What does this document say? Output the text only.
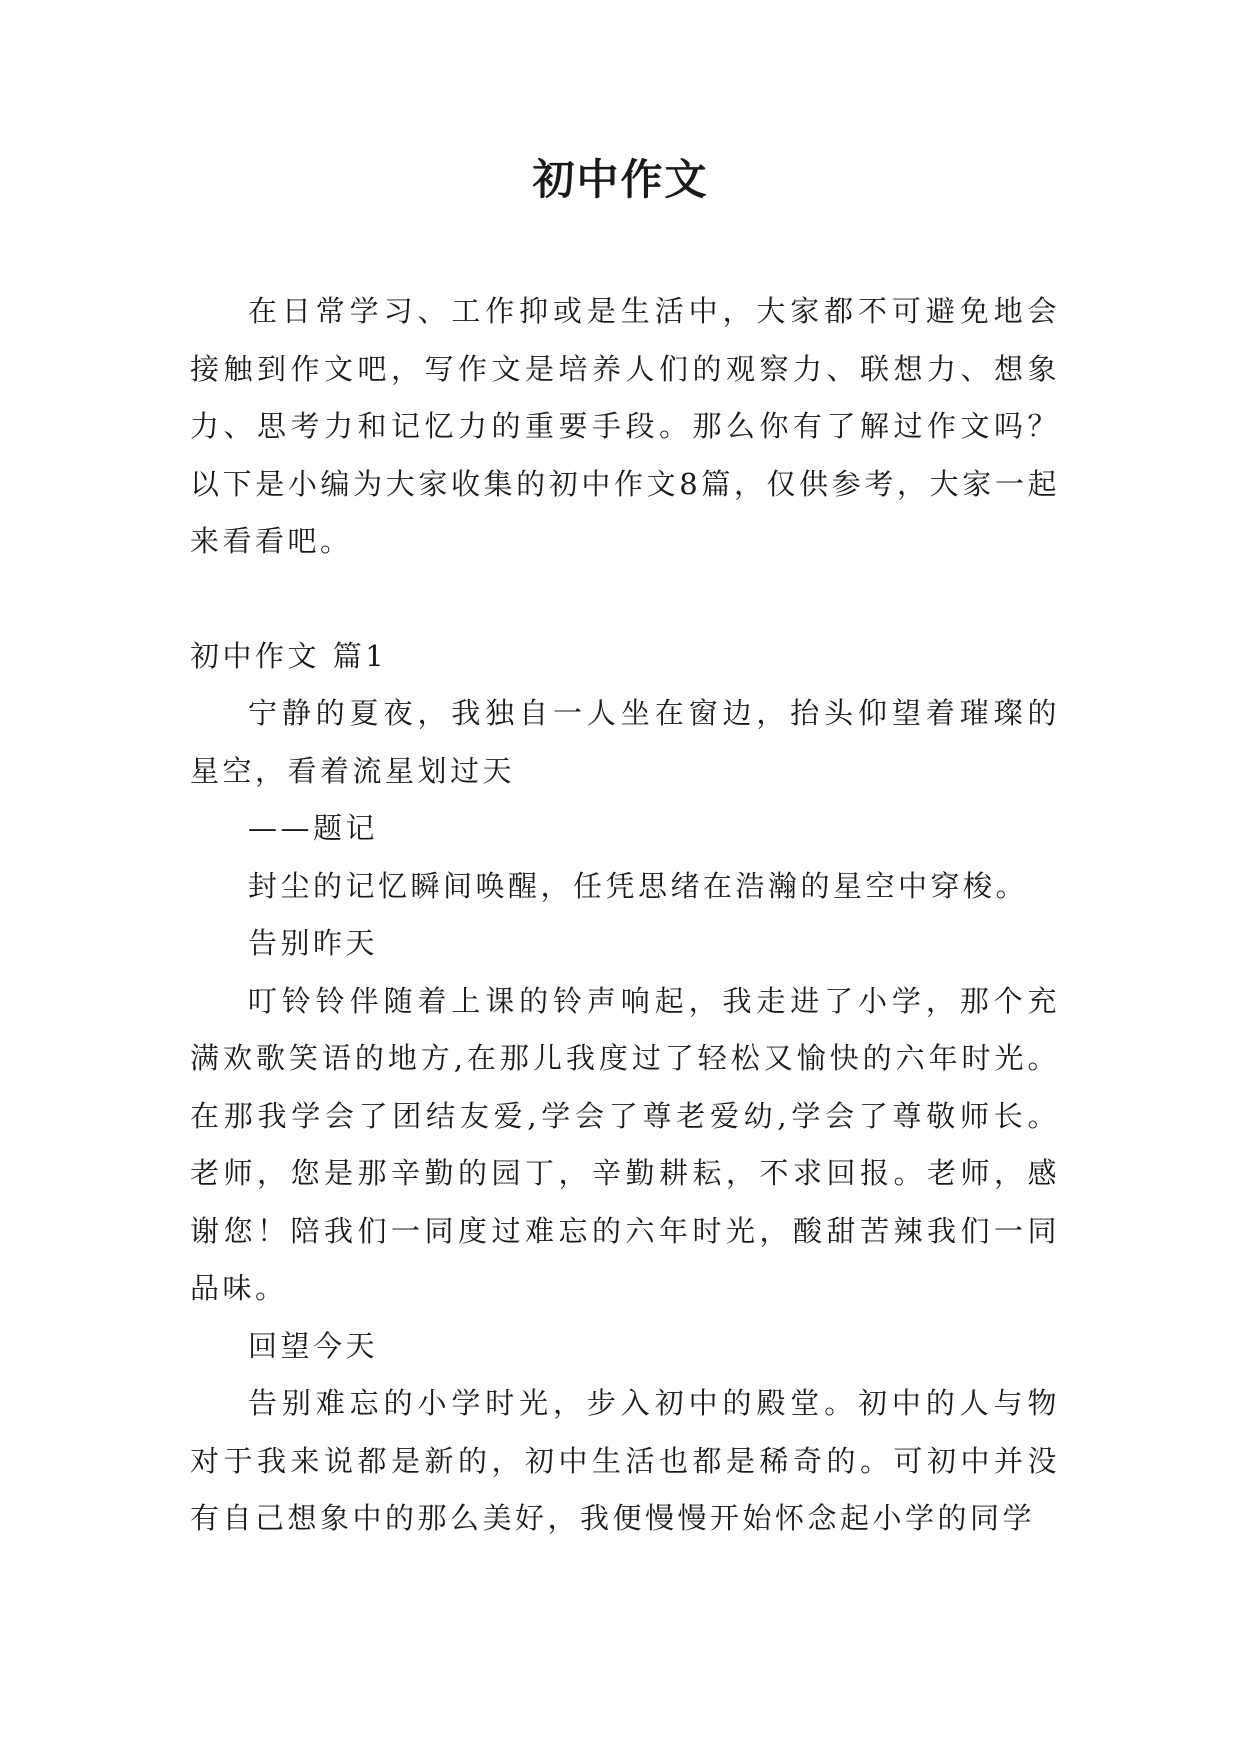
初中作文

在日常学习、工作抑或是生活中，大家都不可避免地会接触到作文吧，写作文是培养人们的观察力、联想力、想象力、思考力和记忆力的重要手段。那么你有了解过作文吗？以下是小编为大家收集的初中作文8篇，仅供参考，大家一起来看看吧。

初中作文 篇1

宁静的夏夜，我独自一人坐在窗边，抬头仰望着璀璨的星空，看着流星划过天

——题记

封尘的记忆瞬间唤醒，任凭思绪在浩瀚的星空中穿梭。

告别昨天

叮铃铃伴随着上课的铃声响起，我走进了小学，那个充满欢歌笑语的地方,在那儿我度过了轻松又愉快的六年时光。在那我学会了团结友爱,学会了尊老爱幼,学会了尊敬师长。老师，您是那辛勤的园丁，辛勤耕耘，不求回报。老师，感谢您！陪我们一同度过难忘的六年时光，酸甜苦辣我们一同品味。

回望今天

告别难忘的小学时光，步入初中的殿堂。初中的人与物对于我来说都是新的，初中生活也都是稀奇的。可初中并没有自己想象中的那么美好，我便慢慢开始怀念起小学的同学
